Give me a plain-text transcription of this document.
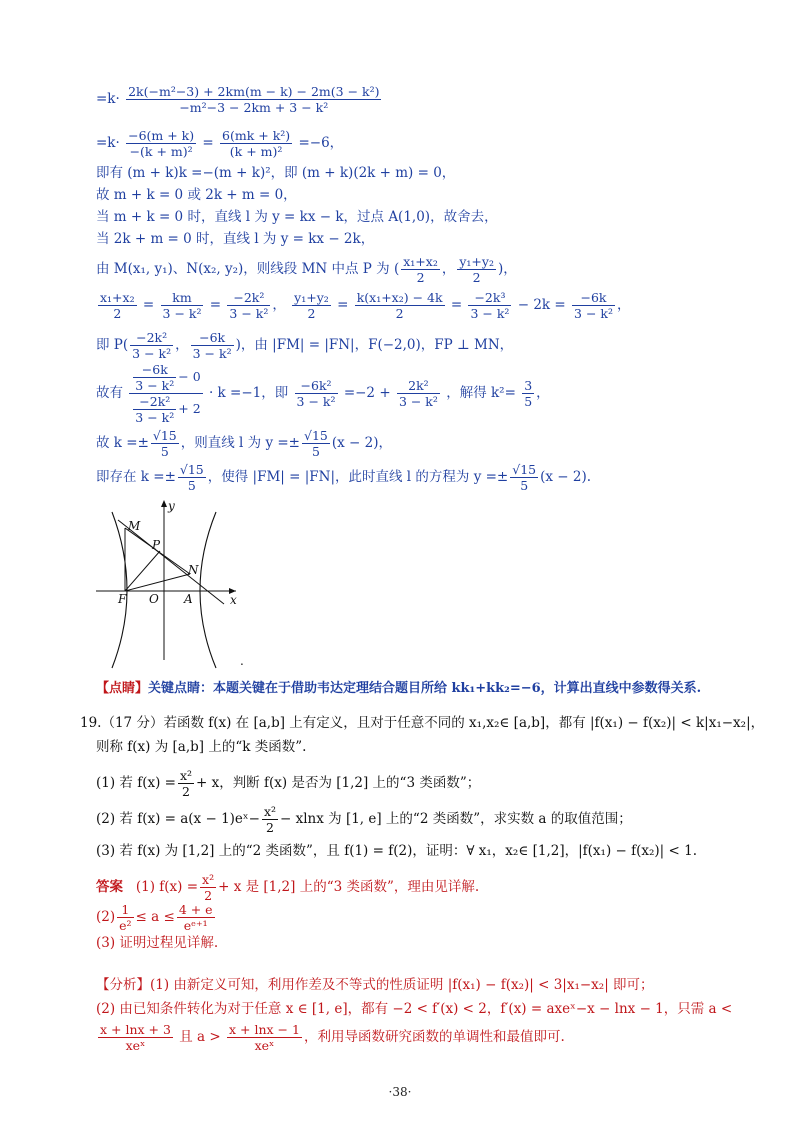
$=k\cdot \frac{\text{2k(−m²−3) + 2km(m − k) − 2m(3 − k²)}}{\text{−m²−3 − 2km + 3 − k²}}$
$=k\cdot \frac{-6(m + k)}{\text{−(k + m)²}} = \frac{\text{6(mk + k²)}}{\text{(k + m)²}} =-6$，
即有 (m + k)k =−(m + k)²，即 (m + k)(2k + m) = 0，
故 m + k = 0 或 2k + m = 0，
当 m + k = 0 时，直线 l 为 y = kx − k，过点 A(1,0)，故舍去，
当 2k + m = 0 时，直线 l 为 y = kx − 2k，
由 M(x₁, y₁)、N(x₂, y₂)，则线段 MN 中点 P 为 ( $\frac{\text{x₁+x₂}}{2}$ ， $\frac{\text{y₁+y₂}}{2}$ )，
$\frac{\text{x₁+x₂}}{2} = \frac{km}{\text{3 − k²}} = \frac{\text{−2k²}}{\text{3 − k²}}$ ， $\frac{\text{y₁+y₂}}{2} = \frac{\text{k(x₁+x₂) − 4k}}{2} = \frac{\text{−2k³}}{\text{3 − k²}} - 2k = \frac{-6k}{\text{3 − k²}}$ ，
即 $P( \frac{\text{−2k²}}{\text{3 − k²}}$ ， $\frac{-6k}{\text{3 − k²}}$ )，由 |FM| = |FN|，F(−2,0)，FP ⊥ MN，
故有 $\frac{\frac{-6k}{\text{3 − k²}} - 0}{\frac{\text{−2k²}}{\text{3 − k²}} + 2} \cdot k =-1$，即 $\frac{\text{−6k²}}{\text{3 − k²}} =-2 + \frac{\text{2k²}}{\text{3 − k²}}$ ，解得 $k^2= \frac{3}{5}$ ，
故 $k =\pm \frac{√15}{5}$ ，则直线 l 为 $y =\pm \frac{√15}{5} (x - 2)$，
即存在 $k =\pm \frac{√15}{5}$ ，使得 |FM| = |FN|，此时直线 l 的方程为 $y =\pm \frac{√15}{5} (x - 2)$.
y
x
M
P
N
F O A
.
【点睛】关键点睛：本题关键在于借助韦达定理结合题目所给 kk₁+kk₂=−6，计算出直线中参数得关系.
19.（17 分）若函数 f(x) 在 [a,b] 上有定义，且对于任意不同的 x₁,x₂∈ [a,b]，都有 |f(x₁) − f(x₂)| < k|x₁−x₂|，
则称 f(x) 为 [a,b] 上的“k 类函数”.
(1) 若 $f(x) = \frac{\text{x²}}{2} + x$，判断 f(x) 是否为 [1,2] 上的“3 类函数”；
(2) 若 f(x) = a(x − 1)eˣ− $\frac{\text{x²}}{2} - xlnx$ 为 [1, e] 上的“2 类函数”，求实数 a 的取值范围；
(3) 若 f(x) 为 [1,2] 上的“2 类函数”，且 f(1) = f(2)，证明：∀ x₁，x₂∈ [1,2]，|f(x₁) − f(x₂)| < 1.
答案 (1) $f(x) = \frac{\text{x²}}{2} + x$ 是 [1,2] 上的“3 类函数”，理由见详解.
$(2) \frac{1}{\text{e²}} \le a \le \frac{4 + e}{\text{eᵉ⁺¹}}$
(3) 证明过程见详解.
【分析】(1) 由新定义可知，利用作差及不等式的性质证明 |f(x₁) − f(x₂)| < 3|x₁−x₂| 即可；
(2) 由已知条件转化为对于任意 x ∈ [1, e]，都有 −2 < f′(x) < 2，f′(x) = axeˣ−x − lnx − 1，只需 a <
$\frac{x + \ln x + 3}{\text{xeˣ}}$ 且 $a > \frac{x + \ln x - 1}{\text{xeˣ}}$ ，利用导函数研究函数的单调性和最值即可.
·38·
